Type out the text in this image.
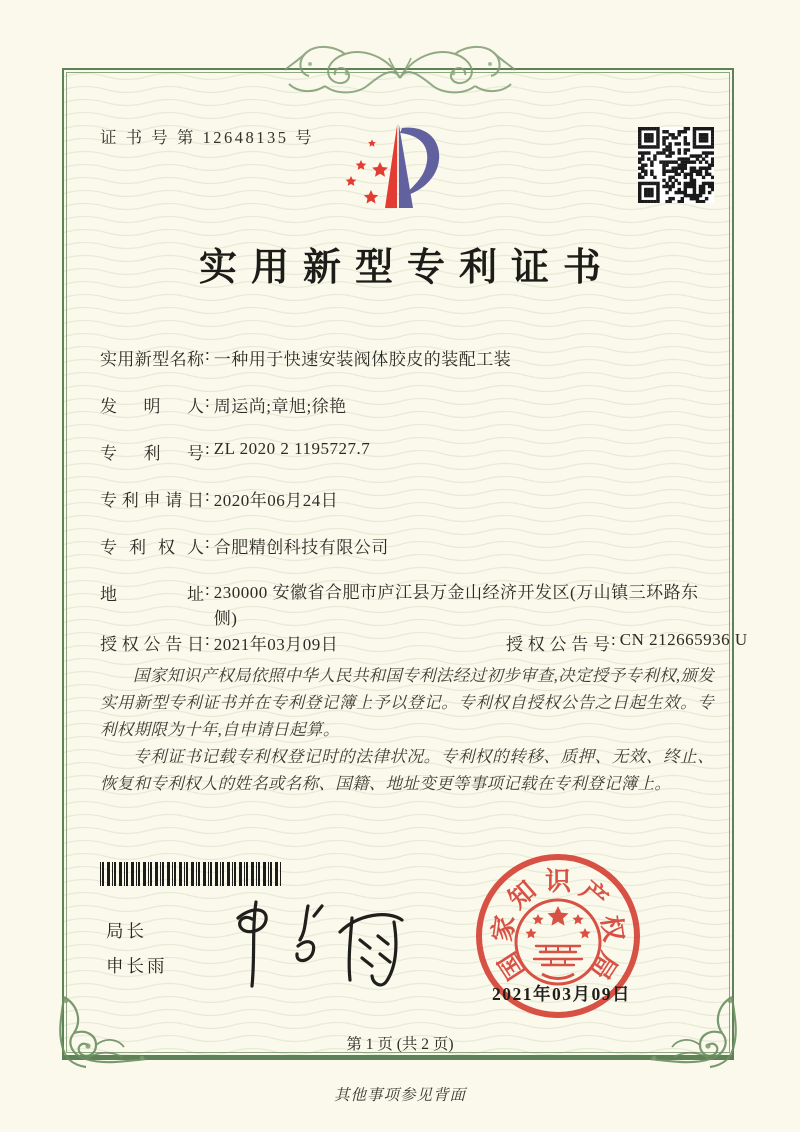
证 书 号 第 12648135 号
实用新型专利证书
实用新型名称: 一种用于快速安装阀体胶皮的装配工装
发明人: 周运尚;章旭;徐艳
专利号: ZL 2020 2 1195727.7
专利申请日: 2020年06月24日
专利权人: 合肥精创科技有限公司
地址: 230000 安徽省合肥市庐江县万金山经济开发区(万山镇三环路东侧)
授权公告日: 2021年03月09日	授权公告号: CN 212665936 U

国家知识产权局依照中华人民共和国专利法经过初步审查,决定授予专利权,颁发实用新型专利证书并在专利登记簿上予以登记。专利权自授权公告之日起生效。专利权期限为十年,自申请日起算。

专利证书记载专利权登记时的法律状况。专利权的转移、质押、无效、终止、恢复和专利权人的姓名或名称、国籍、地址变更等事项记载在专利登记簿上。

局长
申长雨	国
家
知 识 产
权
局
2021年03月09日
第 1 页 (共 2 页)
其他事项参见背面
